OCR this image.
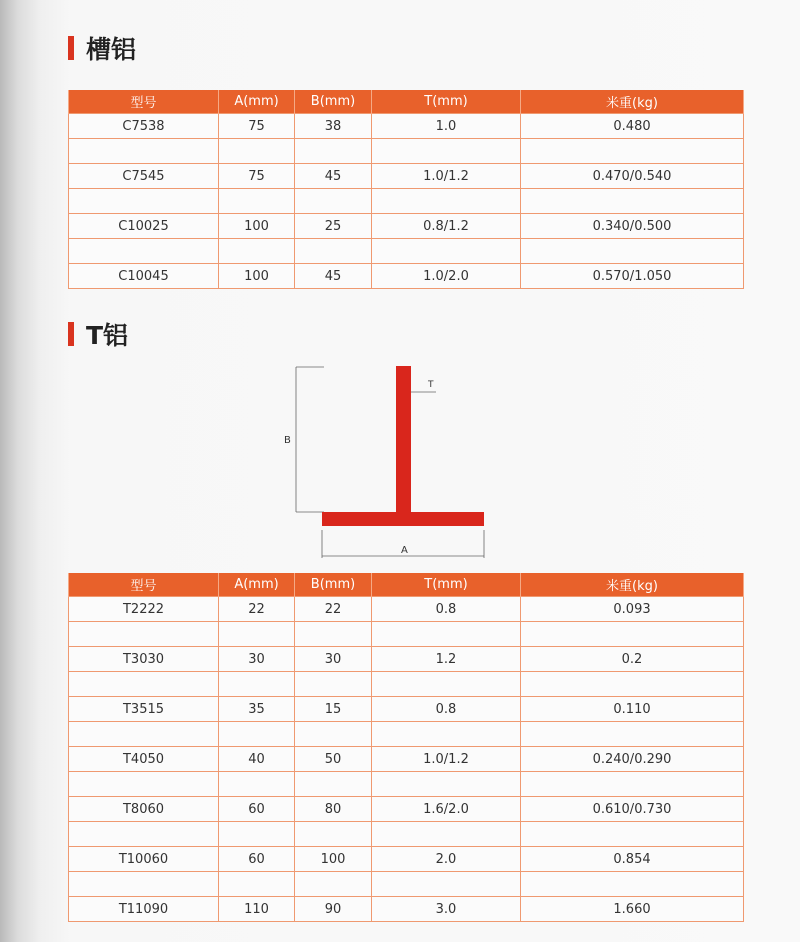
槽铝
型号	A(mm)	B(mm)	T(mm)	米重(kg)
C7538	75	38	1.0	0.480

C7545	75	45	1.0/1.2	0.470/0.540

C10025	100	25	0.8/1.2	0.340/0.500

C10045	100	45	1.0/2.0	0.570/1.050
T铝
B
T
A
型号	A(mm)	B(mm)	T(mm)	米重(kg)
T2222	22	22	0.8	0.093

T3030	30	30	1.2	0.2

T3515	35	15	0.8	0.110

T4050	40	50	1.0/1.2	0.240/0.290

T8060	60	80	1.6/2.0	0.610/0.730

T10060	60	100	2.0	0.854

T11090	110	90	3.0	1.660
